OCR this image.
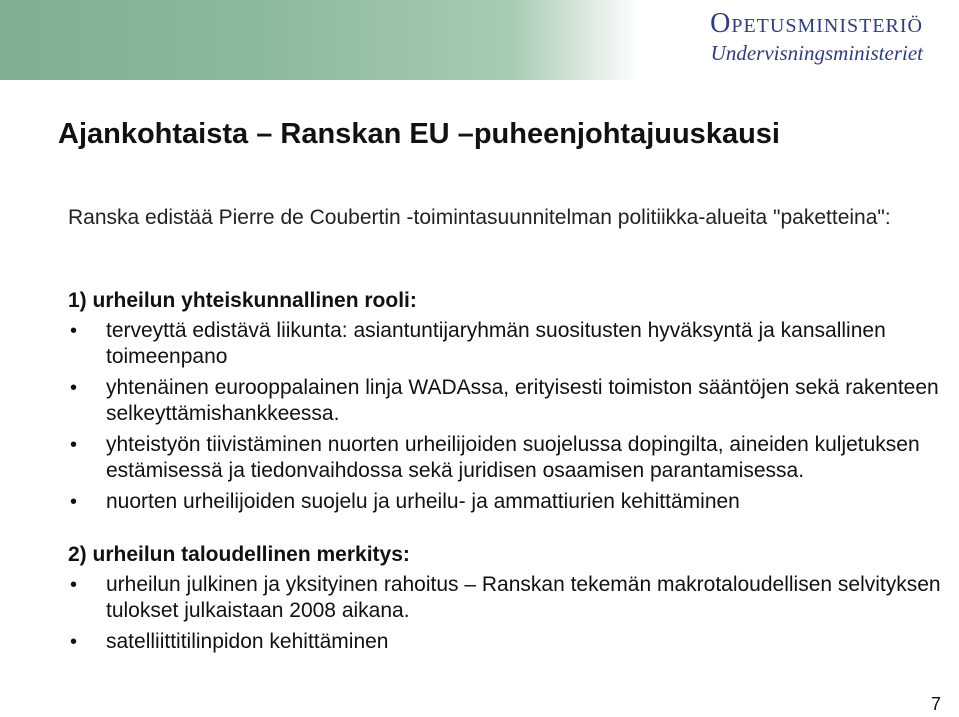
Opetusministeriö
Undervisningsministeriet
Ajankohtaista – Ranskan EU –puheenjohtajuuskausi
Ranska edistää Pierre de Coubertin -toimintasuunnitelman politiikka-alueita "paketteina":
1) urheilun yhteiskunnallinen rooli:
• terveyttä edistävä liikunta: asiantuntijaryhmän suositusten hyväksyntä ja kansallinen toimeenpano
• yhtenäinen eurooppalainen linja WADAssa, erityisesti toimiston sääntöjen sekä rakenteen selkeyttämishankkeessa.
• yhteistyön tiivistäminen nuorten urheilijoiden suojelussa dopingilta, aineiden kuljetuksen estämisessä ja tiedonvaihdossa sekä juridisen osaamisen parantamisessa.
• nuorten urheilijoiden suojelu ja urheilu- ja ammattiurien kehittäminen
2) urheilun taloudellinen merkitys:
• urheilun julkinen ja yksityinen rahoitus – Ranskan tekemän makrotaloudellisen selvityksen tulokset julkaistaan 2008 aikana.
• satelliittitilinpidon kehittäminen
7
